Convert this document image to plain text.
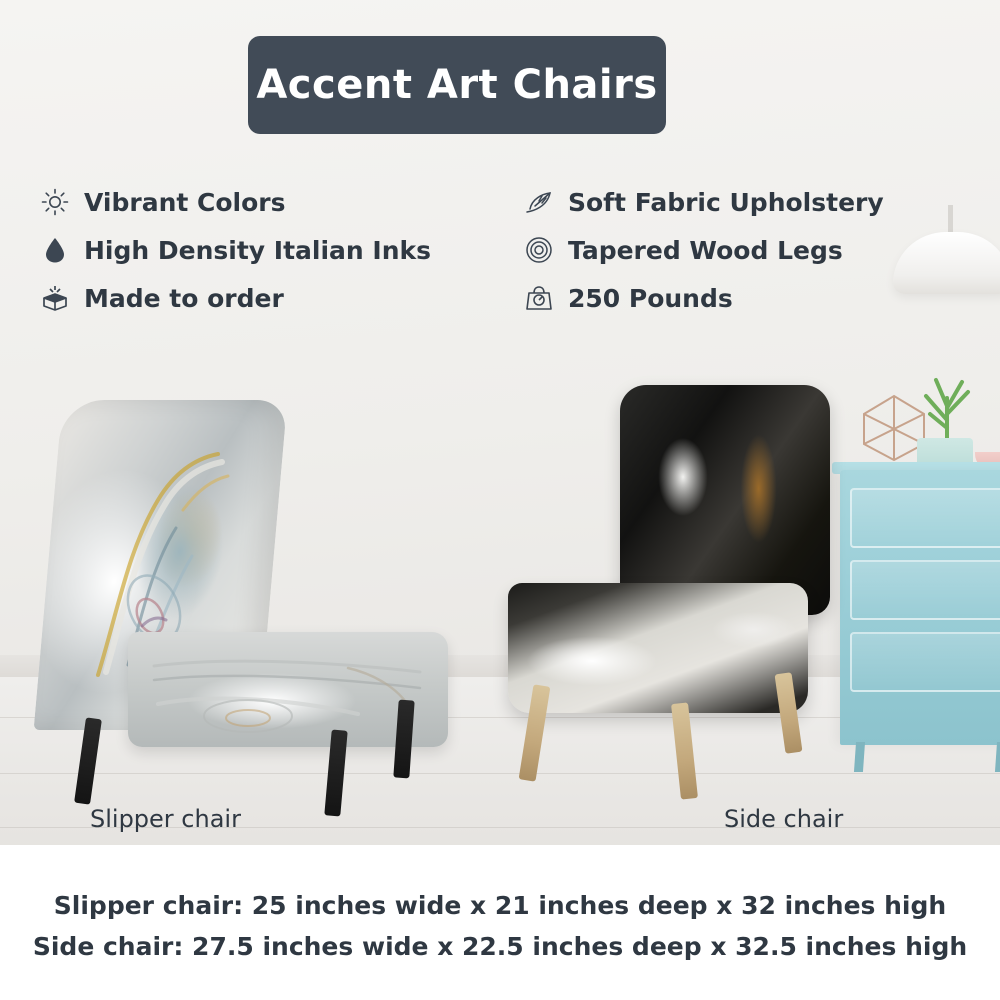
Accent Art Chairs
Vibrant Colors
High Density Italian Inks
Made to order
Soft Fabric Upholstery
Tapered Wood Legs
250 Pounds
Slipper chair	Side chair
Slipper chair: 25 inches wide x 21 inches deep x 32 inches high
Side chair: 27.5 inches wide x 22.5 inches deep x 32.5 inches high
